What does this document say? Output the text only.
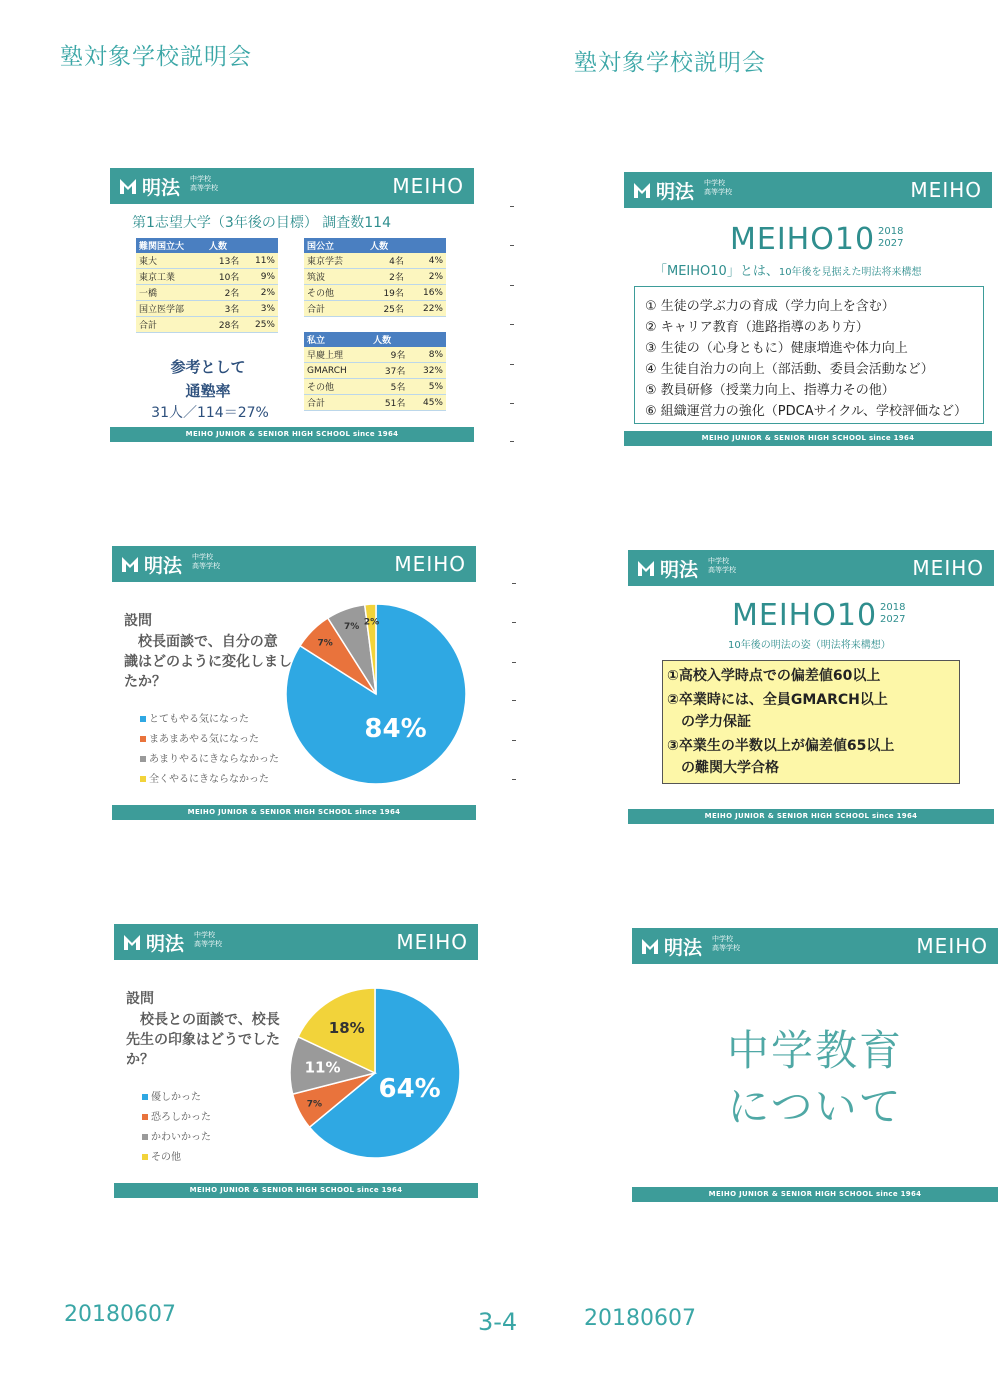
塾対象学校説明会	塾対象学校説明会
明法 中学校
高等学校	MEIHO
第1志望大学（3年後の目標） 調査数114
難関国立大	人数	
東大	13名	11%
東京工業	10名	9%
一橋	2名	2%
国立医学部	3名	3%
合計	28名	25%
国公立	人数	
東京学芸	4名	4%
筑波	2名	2%
その他	19名	16%
合計	25名	22%
私立	人数	
早慶上理	9名	8%
GMARCH	37名	32%
その他	5名	5%
合計	51名	45%
参考として
通塾率
31人／114＝27%
MEIHO JUNIOR & SENIOR HIGH SCHOOL since 1964
明法 中学校
高等学校	MEIHO
MEIHO10 2018
2027
「MEIHO10」とは、10年後を見据えた明法将来構想
① 生徒の学ぶ力の育成（学力向上を含む）
② キャリア教育（進路指導のあり方）
③ 生徒の（心身ともに）健康増進や体力向上
④ 生徒自治力の向上（部活動、委員会活動など）
⑤ 教員研修（授業力向上、指導力その他）
⑥ 組織運営力の強化（PDCAサイクル、学校評価など）
MEIHO JUNIOR & SENIOR HIGH SCHOOL since 1964
明法 中学校
高等学校	MEIHO
設問
　校長面談で、自分の意
識はどのように変化しまし
たか？
とてもやる気になった
まあまあやる気になった
あまりやるにきならなかった
全くやるにきならなかった
84%
7%
7% 2%
MEIHO JUNIOR & SENIOR HIGH SCHOOL since 1964
明法 中学校
高等学校	MEIHO
MEIHO10 2018
2027
10年後の明法の姿（明法将来構想）
①高校入学時点での偏差値60以上
②卒業時には、全員GMARCH以上
　の学力保証
③卒業生の半数以上が偏差値65以上
　の難関大学合格
MEIHO JUNIOR & SENIOR HIGH SCHOOL since 1964
明法 中学校
高等学校	MEIHO
設問
　校長との面談で、校長
先生の印象はどうでした
か？
優しかった
恐ろしかった
かわいかった
その他
64%
7%
11%
18%
MEIHO JUNIOR & SENIOR HIGH SCHOOL since 1964
明法 中学校
高等学校	MEIHO
中学教育
について
MEIHO JUNIOR & SENIOR HIGH SCHOOL since 1964
20180607	3-4	20180607
